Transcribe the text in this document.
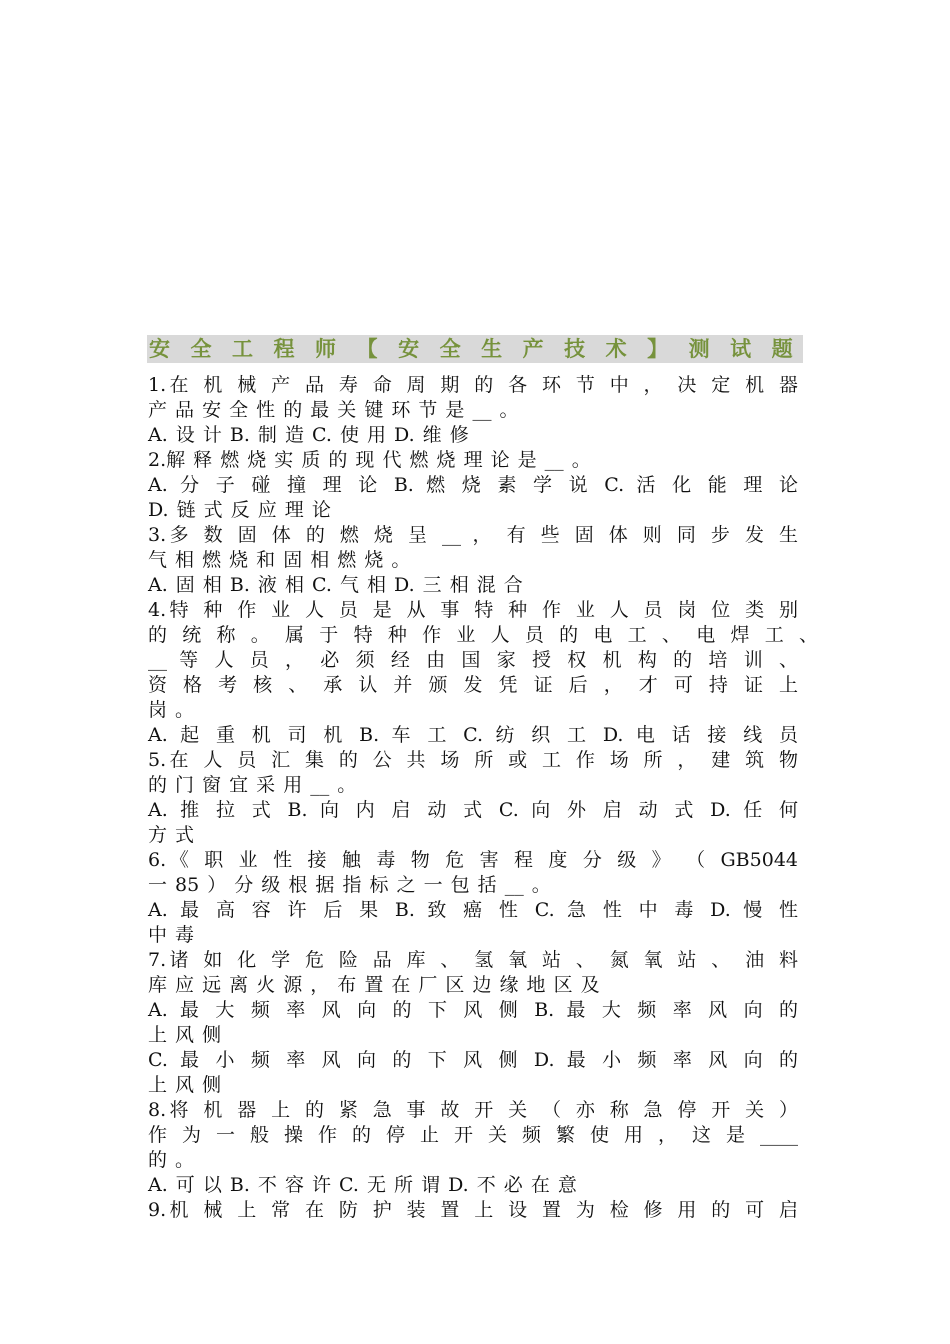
安 全 工 程 师 【 安 全 生 产 技 术 】 测 试 题
1.在 机 械 产 品 寿 命 周 期 的 各 环 节 中 ， 决 定 机 器
产 品 安 全 性 的 最 关 键 环 节 是 __ 。
A. 设 计 B. 制 造 C. 使 用 D. 维 修
2.解 释 燃 烧 实 质 的 现 代 燃 烧 理 论 是 __ 。
A. 分 子 碰 撞 理 论 B. 燃 烧 素 学 说 C. 活 化 能 理 论
D. 链 式 反 应 理 论
3.多 数 固 体 的 燃 烧 呈 __ ， 有 些 固 体 则 同 步 发 生
气 相 燃 烧 和 固 相 燃 烧 。
A. 固 相 B. 液 相 C. 气 相 D. 三 相 混 合
4.特 种 作 业 人 员 是 从 事 特 种 作 业 人 员 岗 位 类 别
的 统 称 。 属 于 特 种 作 业 人 员 的 电 工 、 电 焊 工 、
__ 等 人 员 ， 必 须 经 由 国 家 授 权 机 构 的 培 训 、
资 格 考 核 、 承 认 并 颁 发 凭 证 后 ， 才 可 持 证 上
岗 。
A. 起 重 机 司 机 B. 车 工 C. 纺 织 工 D. 电 话 接 线 员
5.在 人 员 汇 集 的 公 共 场 所 或 工 作 场 所 ， 建 筑 物
的 门 窗 宜 采 用 __ 。
A. 推 拉 式 B. 向 内 启 动 式 C. 向 外 启 动 式 D. 任 何
方 式
6.《 职 业 性 接 触 毒 物 危 害 程 度 分 级 》 （ GB5044
一 85 ） 分 级 根 据 指 标 之 一 包 括 __ 。
A. 最 高 容 许 后 果 B. 致 癌 性 C. 急 性 中 毒 D. 慢 性
中 毒
7.诸 如 化 学 危 险 品 库 、 氢 氧 站 、 氮 氧 站 、 油 料
库 应 远 离 火 源 ， 布 置 在 厂 区 边 缘 地 区 及
A. 最 大 频 率 风 向 的 下 风 侧 B. 最 大 频 率 风 向 的
上 风 侧
C. 最 小 频 率 风 向 的 下 风 侧 D. 最 小 频 率 风 向 的
上 风 侧
8.将 机 器 上 的 紧 急 事 故 开 关 （ 亦 称 急 停 开 关 ）
作 为 一 般 操 作 的 停 止 开 关 频 繁 使 用 ， 这 是 ____
的 。
A. 可 以 B. 不 容 许 C. 无 所 谓 D. 不 必 在 意
9.机 械 上 常 在 防 护 装 置 上 设 置 为 检 修 用 的 可 启
